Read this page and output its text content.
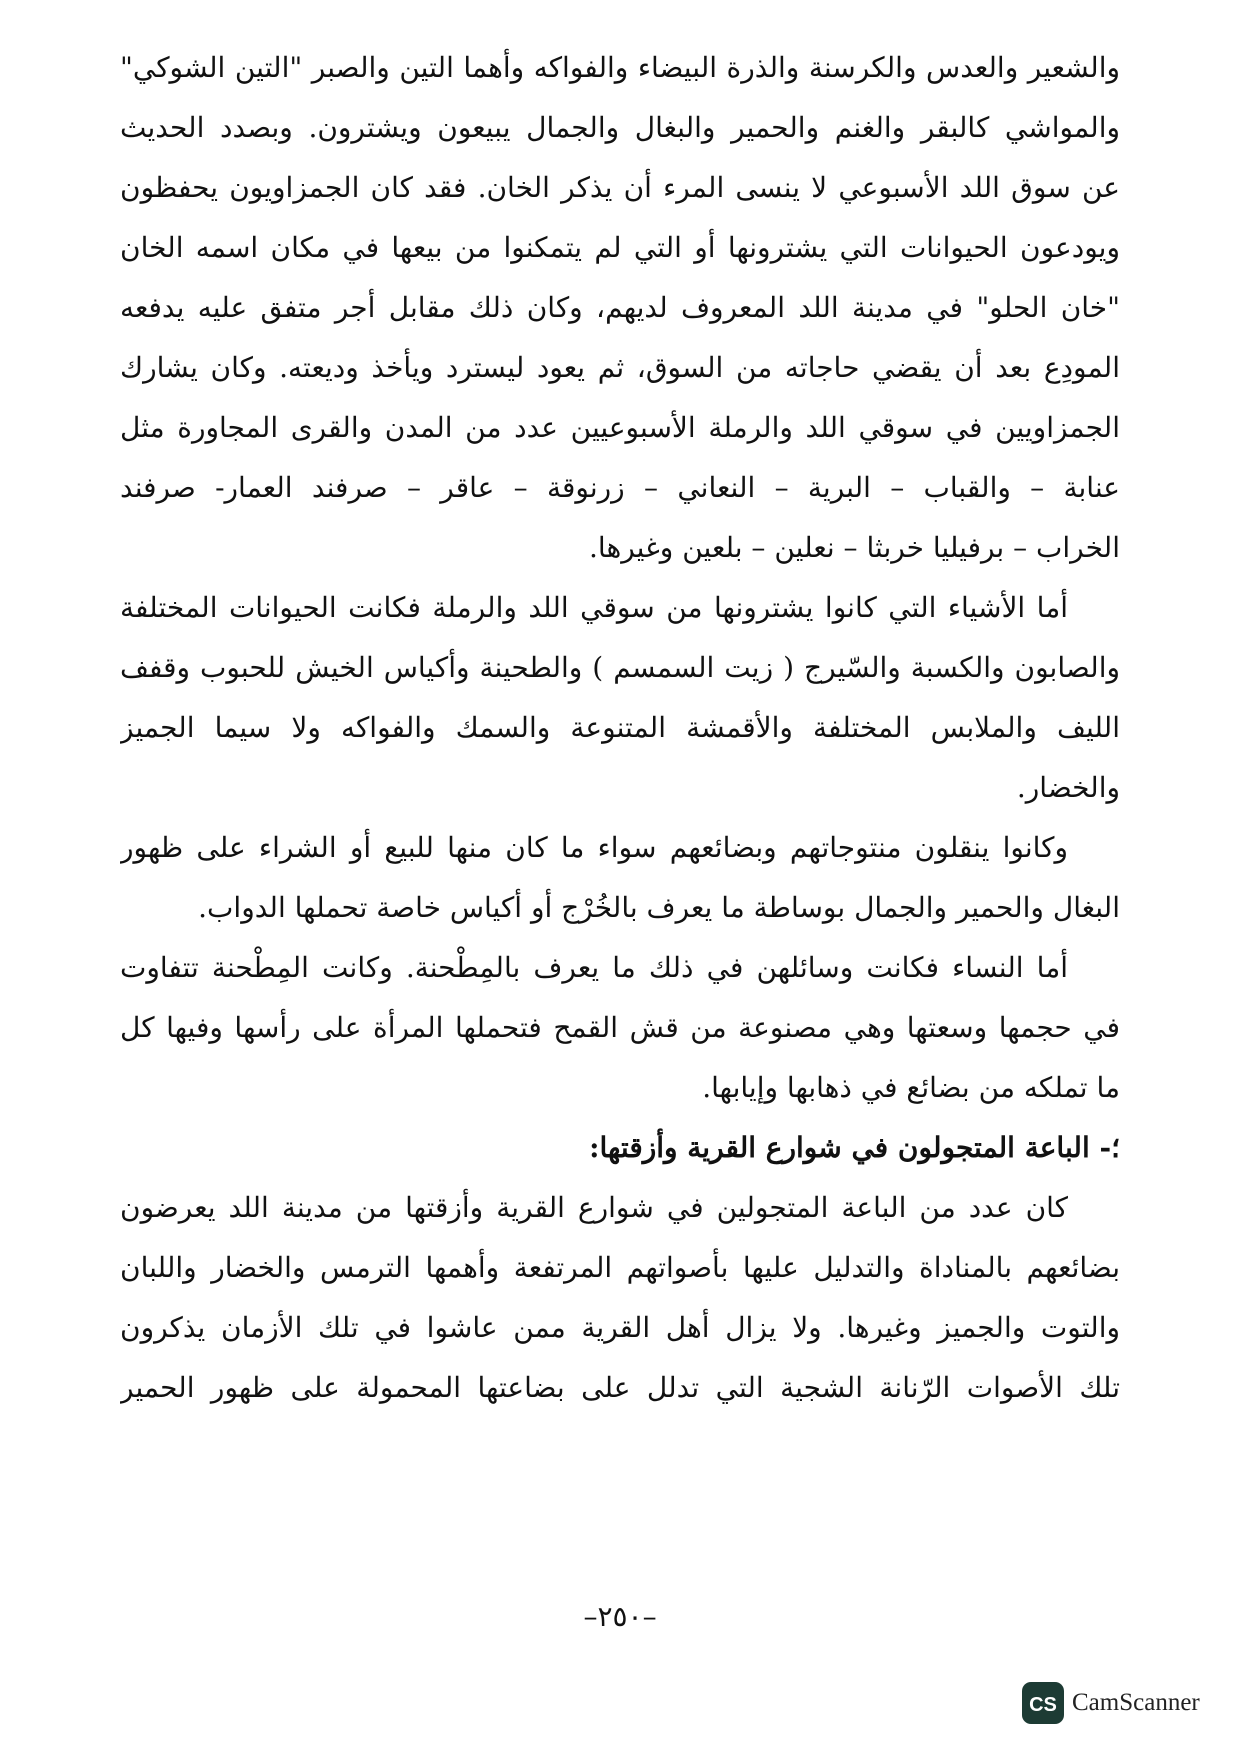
والشعير والعدس والكرسنة والذرة البيضاء والفواكه وأهما التين والصبر "التين الشوكي"
والمواشي كالبقر والغنم والحمير والبغال والجمال يبيعون ويشترون. وبصدد الحديث
عن سوق اللد الأسبوعي لا ينسى المرء أن يذكر الخان. فقد كان الجمزاويون يحفظون
ويودعون الحيوانات التي يشترونها أو التي لم يتمكنوا من بيعها في مكان اسمه الخان
"خان الحلو" في مدينة اللد المعروف لديهم، وكان ذلك مقابل أجر متفق عليه يدفعه
المودِع بعد أن يقضي حاجاته من السوق، ثم يعود ليسترد ويأخذ وديعته. وكان يشارك
الجمزاويين في سوقي اللد والرملة الأسبوعيين عدد من المدن والقرى المجاورة مثل
عنابة – والقباب – البرية – النعاني – زرنوقة – عاقر – صرفند العمار- صرفند
الخراب – برفيليا خربثا – نعلين – بلعين وغيرها.
أما الأشياء التي كانوا يشترونها من سوقي اللد والرملة فكانت الحيوانات المختلفة
والصابون والكسبة والسّيرج ( زيت السمسم ) والطحينة وأكياس الخيش للحبوب وقفف
الليف والملابس المختلفة والأقمشة المتنوعة والسمك والفواكه ولا سيما الجميز
والخضار.
وكانوا ينقلون منتوجاتهم وبضائعهم سواء ما كان منها للبيع أو الشراء على ظهور
البغال والحمير والجمال بوساطة ما يعرف بالخُرْج أو أكياس خاصة تحملها الدواب.
أما النساء فكانت وسائلهن في ذلك ما يعرف بالمِطْحنة. وكانت المِطْحنة تتفاوت
في حجمها وسعتها وهي مصنوعة من قش القمح فتحملها المرأة على رأسها وفيها كل
ما تملكه من بضائع في ذهابها وإيابها.
؛- الباعة المتجولون في شوارع القرية وأزقتها:
كان عدد من الباعة المتجولين في شوارع القرية وأزقتها من مدينة اللد يعرضون
بضائعهم بالمناداة والتدليل عليها بأصواتهم المرتفعة وأهمها الترمس والخضار واللبان
والتوت والجميز وغيرها. ولا يزال أهل القرية ممن عاشوا في تلك الأزمان يذكرون
تلك الأصوات الرّنانة الشجية التي تدلل على بضاعتها المحمولة على ظهور الحمير
–٢٥٠–
CS CamScanner
